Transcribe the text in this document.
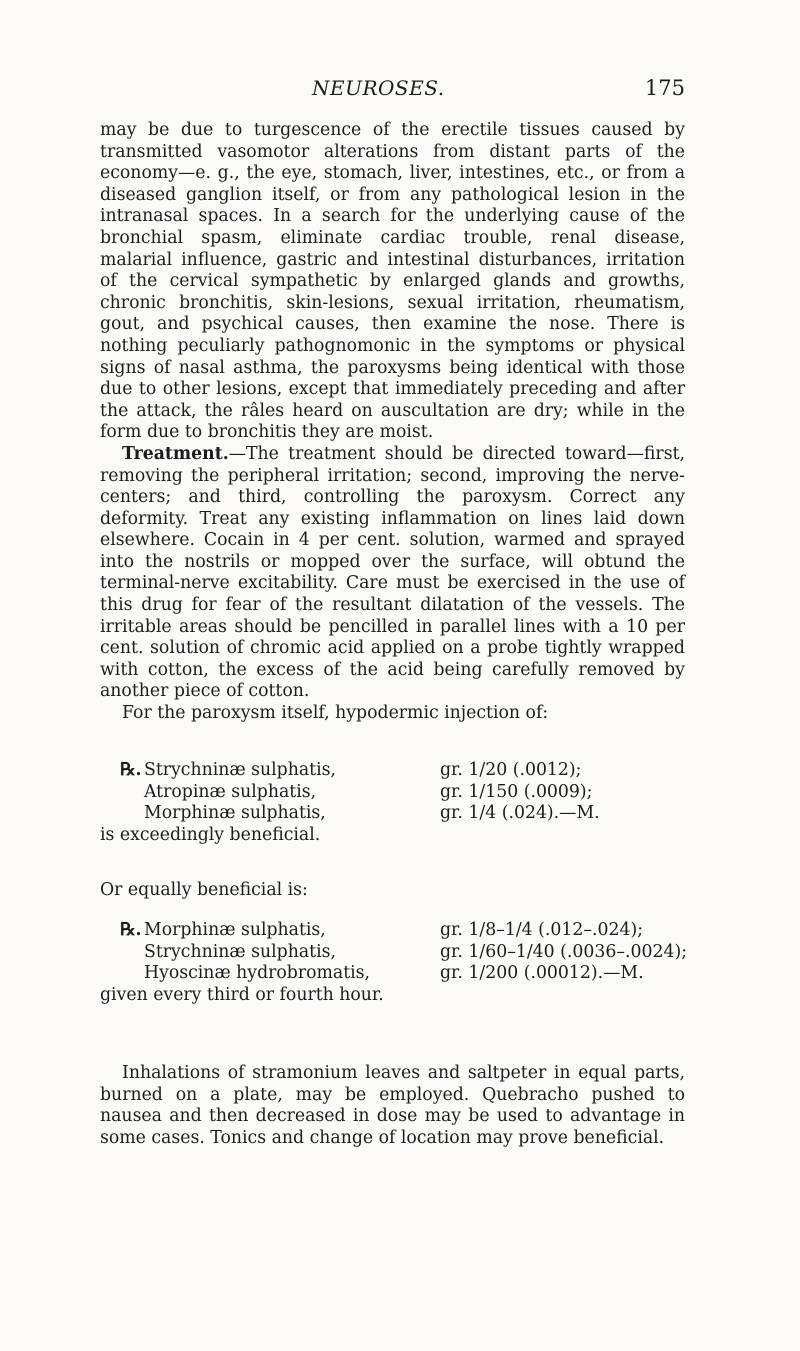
NEUROSES.	175

may be due to turgescence of the erectile tissues caused by transmitted vasomotor alterations from distant parts of the economy—e. g., the eye, stomach, liver, intestines, etc., or from a diseased ganglion itself, or from any pathological lesion in the intranasal spaces. In a search for the underlying cause of the bronchial spasm, eliminate cardiac trouble, renal disease, malarial influence, gastric and intestinal disturbances, irritation of the cervical sympathetic by enlarged glands and growths, chronic bronchitis, skin-lesions, sexual irritation, rheumatism, gout, and psychical causes, then examine the nose. There is nothing peculiarly pathognomonic in the symptoms or physical signs of nasal asthma, the paroxysms being identical with those due to other lesions, except that immediately preceding and after the attack, the râles heard on auscultation are dry; while in the form due to bronchitis they are moist.

Treatment.—The treatment should be directed toward—first, removing the peripheral irritation; second, improving the nerve-centers; and third, controlling the paroxysm. Correct any deformity. Treat any existing inflammation on lines laid down elsewhere. Cocain in 4 per cent. solution, warmed and sprayed into the nostrils or mopped over the surface, will obtund the terminal-nerve excitability. Care must be exercised in the use of this drug for fear of the resultant dilatation of the vessels. The irritable areas should be pencilled in parallel lines with a 10 per cent. solution of chromic acid applied on a probe tightly wrapped with cotton, the excess of the acid being carefully removed by another piece of cotton.

For the paroxysm itself, hypodermic injection of:

℞. Strychninæ sulphatis,	gr. 1/20 (.0012);
Atropinæ sulphatis,	gr. 1/150 (.0009);
Morphinæ sulphatis,	gr. 1/4 (.024).—M.
is exceedingly beneficial.
Or equally beneficial is:
℞. Morphinæ sulphatis,	gr. 1/8–1/4 (.012–.024);
Strychninæ sulphatis,	gr. 1/60–1/40 (.0036–.0024);
Hyoscinæ hydrobromatis,	gr. 1/200 (.00012).—M.
given every third or fourth hour.

Inhalations of stramonium leaves and saltpeter in equal parts, burned on a plate, may be employed. Quebracho pushed to nausea and then decreased in dose may be used to advantage in some cases. Tonics and change of location may prove beneficial.
